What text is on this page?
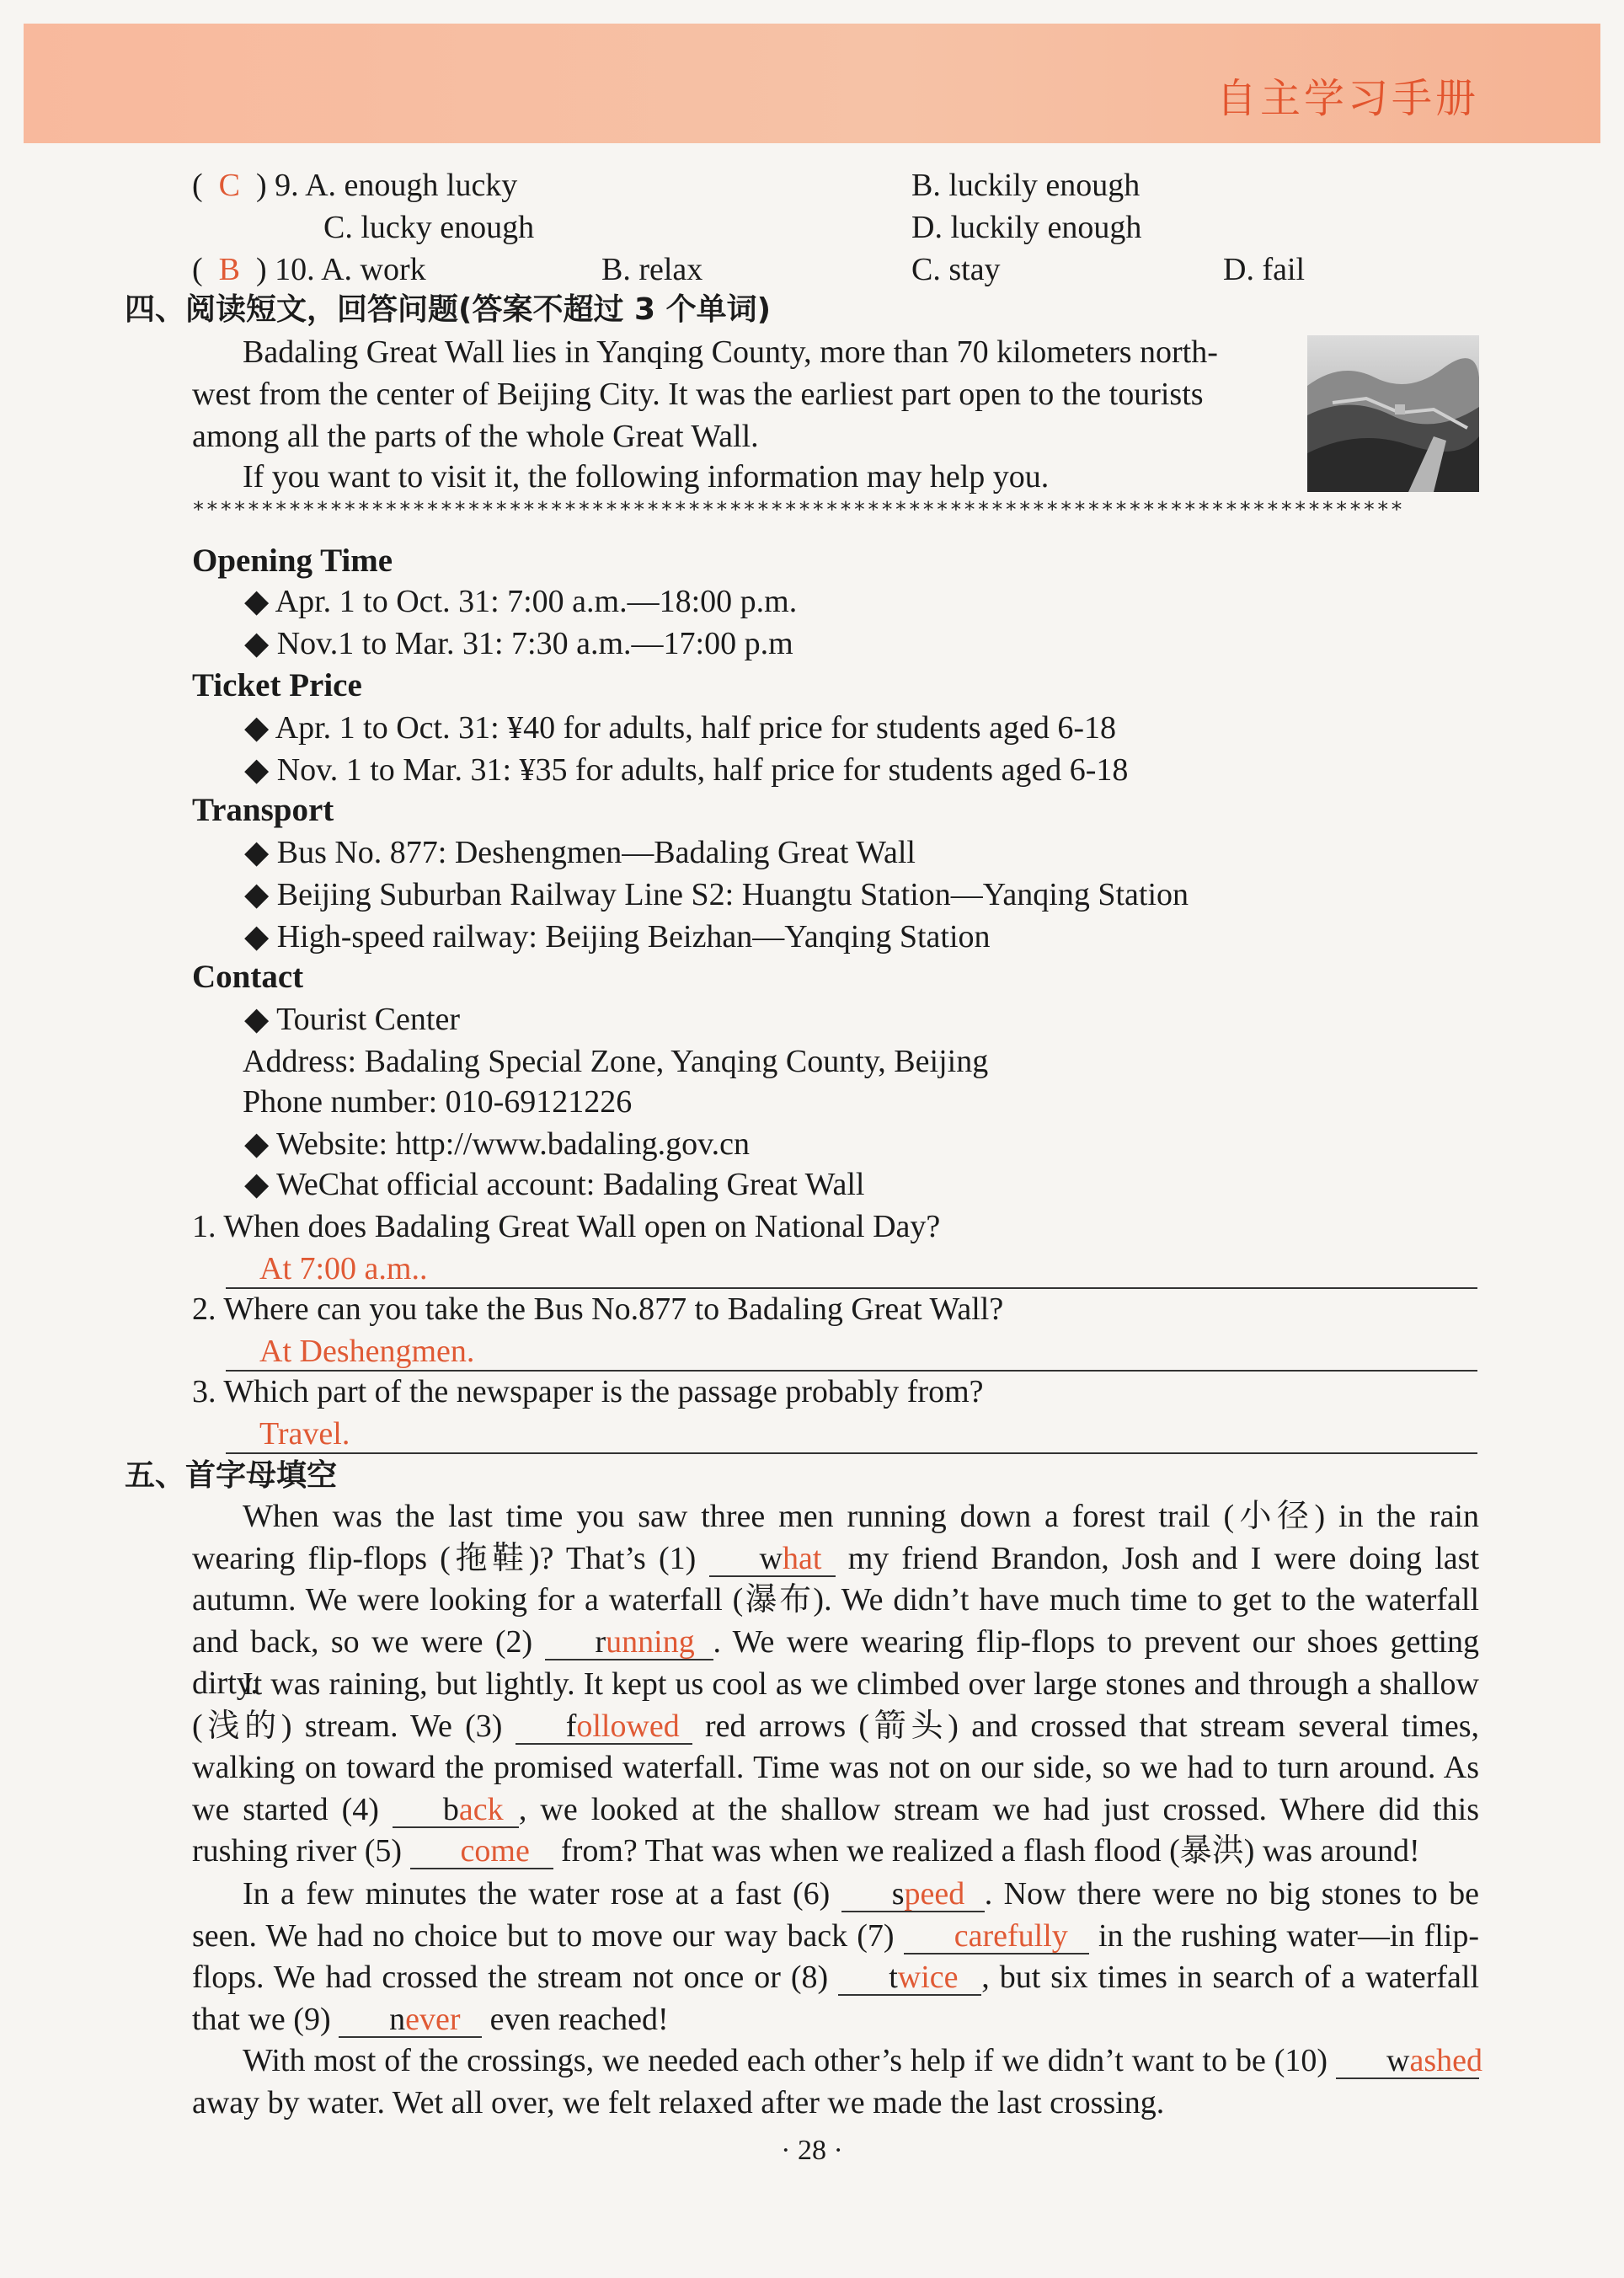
自主学习手册
(  C  ) 9. A. enough lucky	B. luckily enough
C. lucky enough	D. luckily enough
(  B  ) 10. A. work	B. relax	C. stay	D. fail
四、阅读短文，回答问题(答案不超过 3 个单词)
Badaling Great Wall lies in Yanqing County, more than 70 kilometers north-
west from the center of Beijing City. It was the earliest part open to the tourists
among all the parts of the whole Great Wall.
If you want to visit it, the following information may help you.
****************************************************************************************
Opening Time
◆ Apr. 1 to Oct. 31: 7:00 a.m.—18:00 p.m.
◆ Nov.1 to Mar. 31: 7:30 a.m.—17:00 p.m
Ticket Price
◆ Apr. 1 to Oct. 31: ¥40 for adults, half price for students aged 6-18
◆ Nov. 1 to Mar. 31: ¥35 for adults, half price for students aged 6-18
Transport
◆ Bus No. 877: Deshengmen—Badaling Great Wall
◆ Beijing Suburban Railway Line S2: Huangtu Station—Yanqing Station
◆ High-speed railway: Beijing Beizhan—Yanqing Station
Contact
◆ Tourist Center
Address: Badaling Special Zone, Yanqing County, Beijing
Phone number: 010-69121226
◆ Website: http://www.badaling.gov.cn
◆ WeChat official account: Badaling Great Wall
1. When does Badaling Great Wall open on National Day?
At 7:00 a.m..
2. Where can you take the Bus No.877 to Badaling Great Wall?
At Deshengmen.
3. Which part of the newspaper is the passage probably from?
Travel.
五、首字母填空
When was the last time you saw three men running down a forest trail (小径) in the rain wearing flip-flops (拖鞋)? That’s (1) what my friend Brandon, Josh and I were doing last autumn. We were looking for a waterfall (瀑布). We didn’t have much time to get to the waterfall and back, so we were (2) running . We were wearing flip-flops to prevent our shoes getting dirty.
It was raining, but lightly. It kept us cool as we climbed over large stones and through a shallow (浅的) stream. We (3) followed red arrows (箭头) and crossed that stream several times, walking on toward the promised waterfall. Time was not on our side, so we had to turn around. As we started (4) back , we looked at the shallow stream we had just crossed. Where did this rushing river (5) come from? That was when we realized a flash flood (暴洪) was around!
In a few minutes the water rose at a fast (6) speed . Now there were no big stones to be seen. We had no choice but to move our way back (7) carefully in the rushing water—in flip-flops. We had crossed the stream not once or (8) twice , but six times in search of a waterfall that we (9) never even reached!
With most of the crossings, we needed each other’s help if we didn’t want to be (10) washed away by water. Wet all over, we felt relaxed after we made the last crossing.
· 28 ·
